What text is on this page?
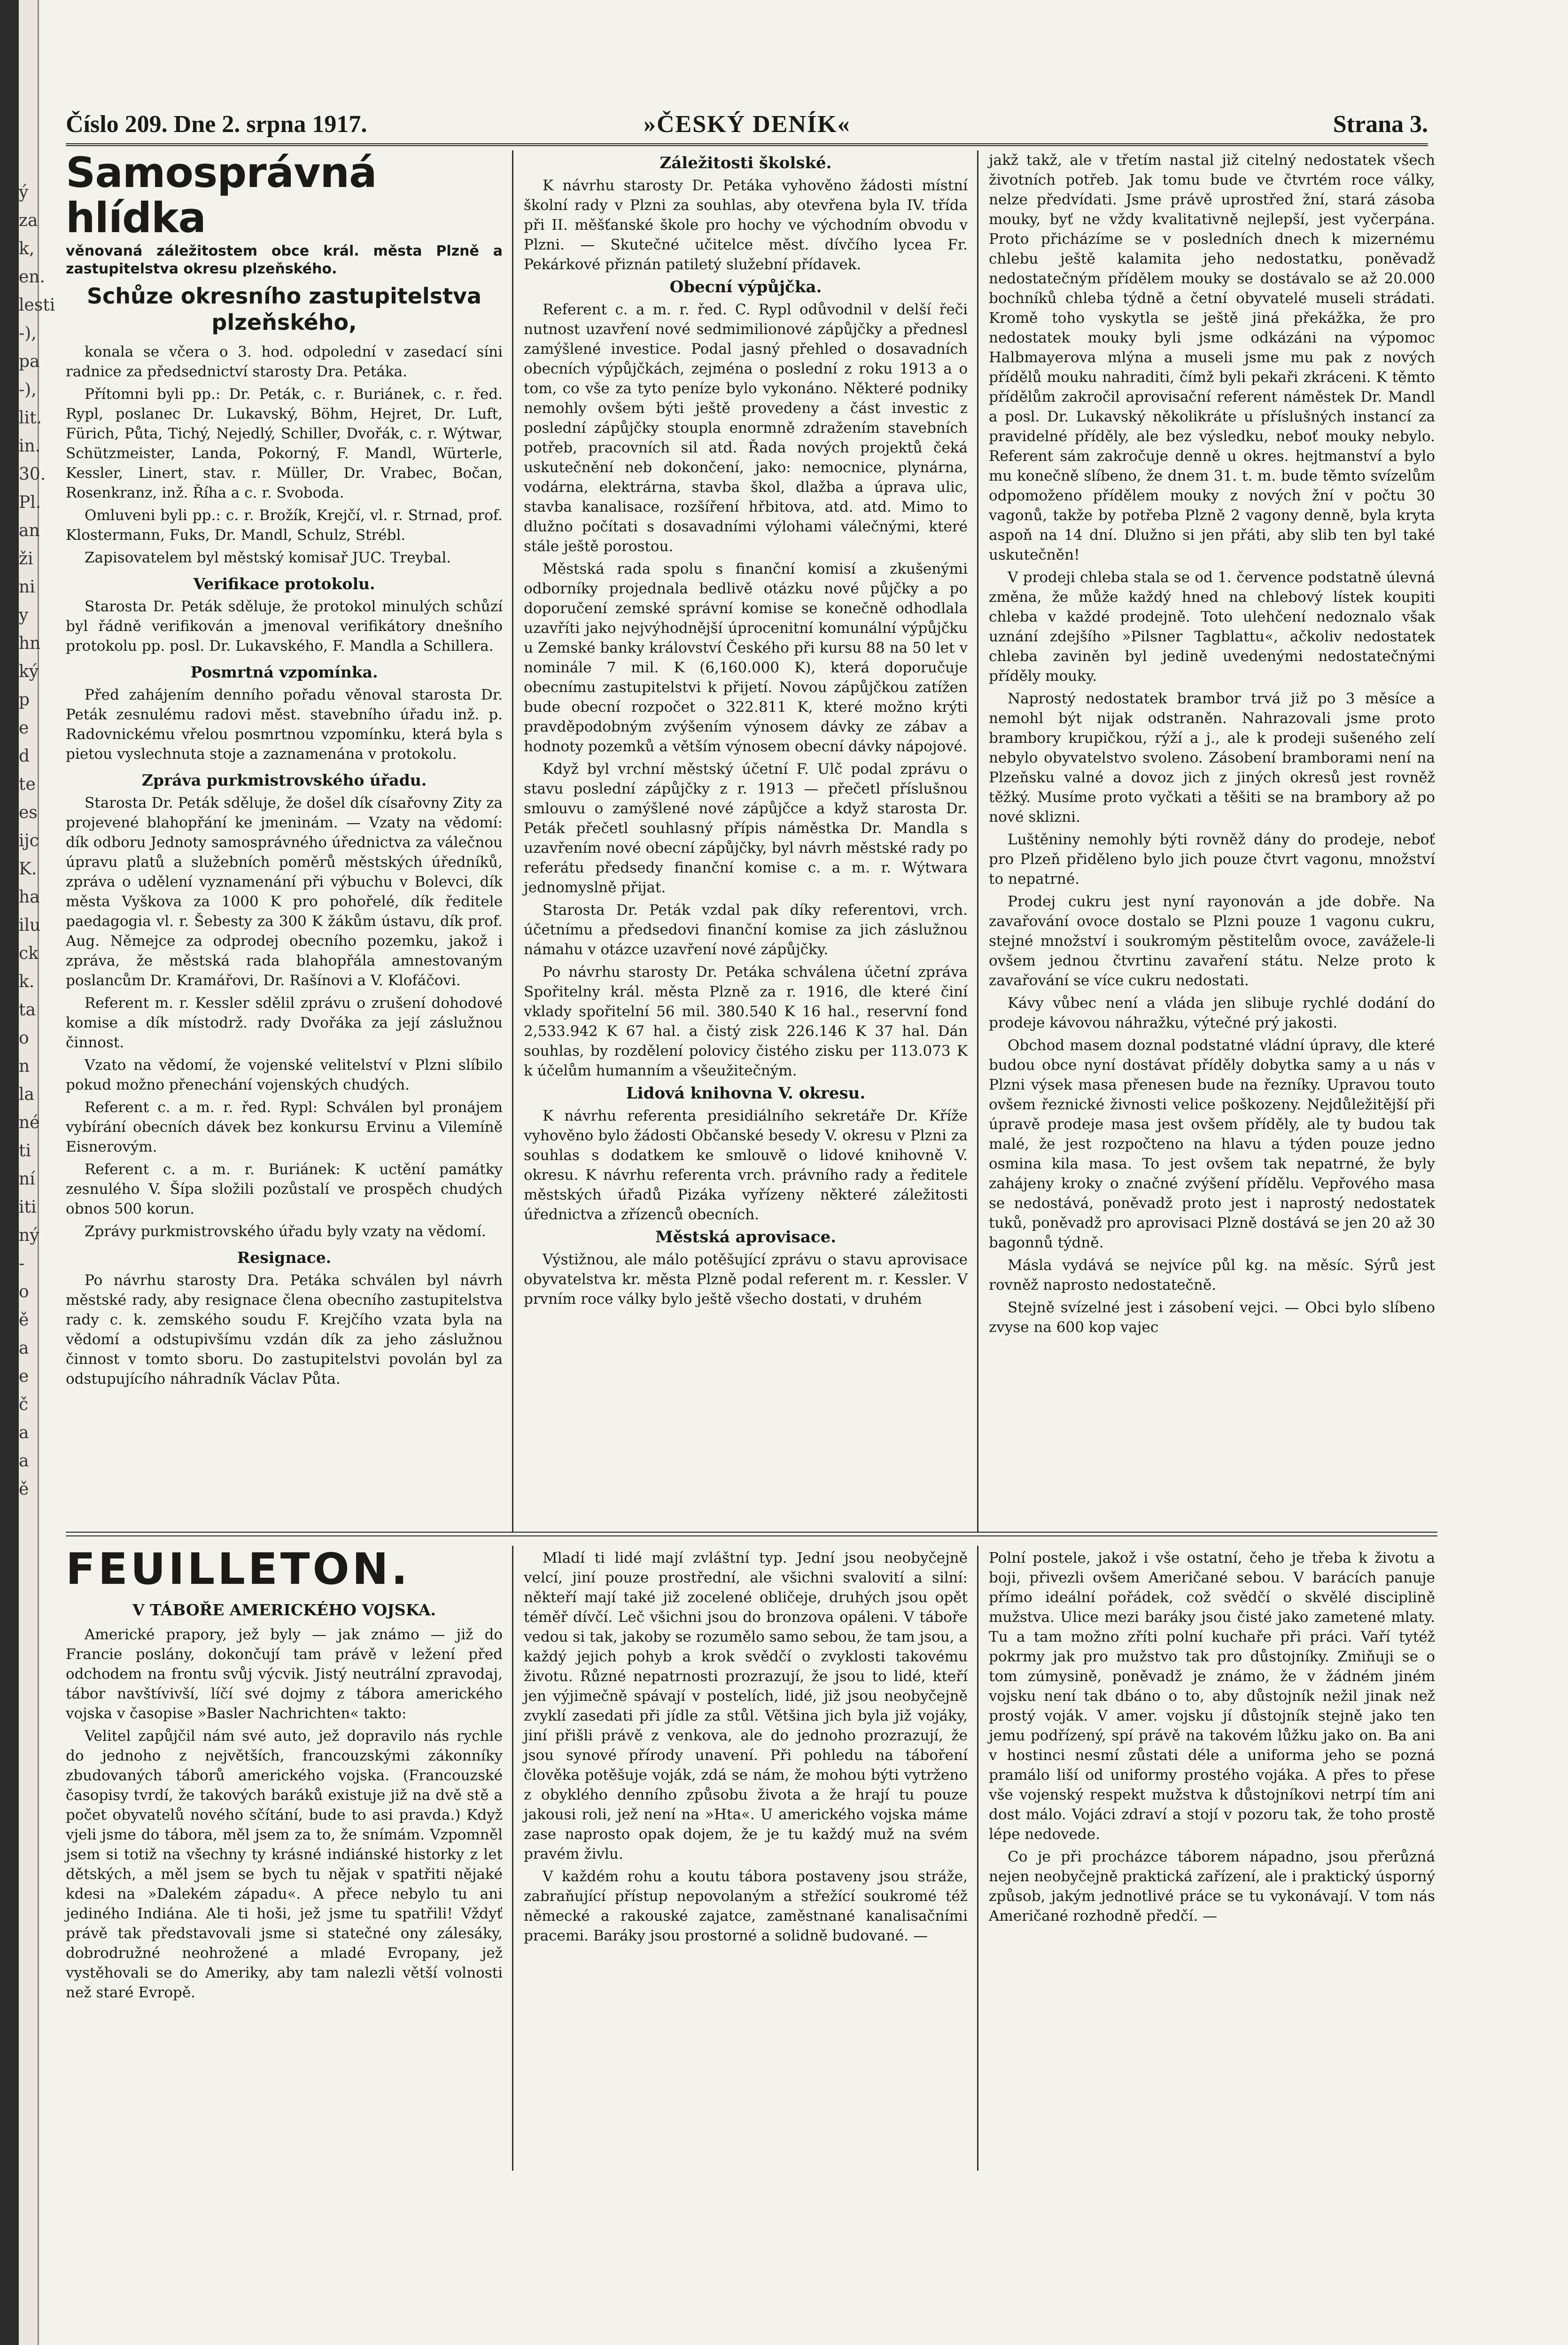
ý
za
k,
en.
lesti
-),
pa
-),
lit.
in.
30.
Pl.
an
ži
ni
y
hn
ký
p
e
d
te
es
ijc
K.
ha
ilu
ck
k.
ta
o
n
la
né
ti
ní
iti
ný
-
o
ě
a
e
č
a
a
ě
Číslo 209. Dne 2. srpna 1917.	»ČESKÝ DENÍK«	Strana 3.
Samosprávná hlídka
věnovaná záležitostem obce král. města Plzně a zastupitelstva okresu plzeňského.
Schůze okresního zastupitelstva plzeňského,

konala se včera o 3. hod. odpolední v zasedací síni radnice za předsednictví starosty Dra. Petáka.

Přítomni byli pp.: Dr. Peták, c. r. Buriánek, c. r. řed. Rypl, poslanec Dr. Lukavský, Böhm, Hejret, Dr. Luft, Fürich, Půta, Tichý, Nejedlý, Schiller, Dvořák, c. r. Wýtwar, Schützmeister, Landa, Pokorný, F. Mandl, Würterle, Kessler, Linert, stav. r. Müller, Dr. Vrabec, Bočan, Rosenkranz, inž. Říha a c. r. Svoboda.

Omluveni byli pp.: c. r. Brožík, Krejčí, vl. r. Strnad, prof. Klostermann, Fuks, Dr. Mandl, Schulz, Strébl.

Zapisovatelem byl městský komisař JUC. Treybal.

Verifikace protokolu.

Starosta Dr. Peták sděluje, že protokol minulých schůzí byl řádně verifikován a jmenoval verifikátory dnešního protokolu pp. posl. Dr. Lukavského, F. Mandla a Schillera.

Posmrtná vzpomínka.

Před zahájením denního pořadu věnoval starosta Dr. Peták zesnulému radovi měst. stavebního úřadu inž. p. Radovnickému vřelou posmrtnou vzpomínku, která byla s pietou vyslechnuta stoje a zaznamenána v protokolu.

Zpráva purkmistrovského úřadu.

Starosta Dr. Peták sděluje, že došel dík císařovny Zity za projevené blahopřání ke jmeninám. — Vzaty na vědomí: dík odboru Jednoty samosprávného úřednictva za válečnou úpravu platů a služebních poměrů městských úředníků, zpráva o udělení vyznamenání při výbuchu v Bolevci, dík města Vyškova za 1000 K pro pohořelé, dík ředitele paedagogia vl. r. Šebesty za 300 K žákům ústavu, dík prof. Aug. Němejce za odprodej obecního pozemku, jakož i zpráva, že městská rada blahopřála amnestovaným poslancům Dr. Kramářovi, Dr. Rašínovi a V. Klofáčovi.

Referent m. r. Kessler sdělil zprávu o zrušení dohodové komise a dík místodrž. rady Dvořáka za její záslužnou činnost.

Vzato na vědomí, že vojenské velitelství v Plzni slíbilo pokud možno přenechání vojenských chudých.

Referent c. a m. r. řed. Rypl: Schválen byl pronájem vybírání obecních dávek bez konkursu Ervinu a Vilemíně Eisnerovým.

Referent c. a m. r. Buriánek: K uctění památky zesnulého V. Šípa složili pozůstalí ve prospěch chudých obnos 500 korun.

Zprávy purkmistrovského úřadu byly vzaty na vědomí.

Resignace.

Po návrhu starosty Dra. Petáka schválen byl návrh městské rady, aby resignace člena obecního zastupitelstva rady c. k. zemského soudu F. Krejčího vzata byla na vědomí a odstupivšímu vzdán dík za jeho záslužnou činnost v tomto sboru. Do zastupitelstvi povolán byl za odstupujícího náhradník Václav Půta.

Záležitosti školské.

K návrhu starosty Dr. Petáka vyhověno žádosti místní školní rady v Plzni za souhlas, aby otevřena byla IV. třída při II. měšťanské škole pro hochy ve východním obvodu v Plzni. — Skutečné učitelce měst. dívčího lycea Fr. Pekárkové přiznán patiletý služební přídavek.

Obecní výpůjčka.

Referent c. a m. r. řed. C. Rypl odůvodnil v delší řeči nutnost uzavření nové sedmimilionové zápůjčky a přednesl zamýšlené investice. Podal jasný přehled o dosavadních obecních výpůjčkách, zejména o poslední z roku 1913 a o tom, co vše za tyto peníze bylo vykonáno. Některé podniky nemohly ovšem býti ještě provedeny a část investic z poslední zápůjčky stoupla enormně zdražením stavebních potřeb, pracovních sil atd. Řada nových projektů čeká uskutečnění neb dokončení, jako: nemocnice, plynárna, vodárna, elektrárna, stavba škol, dlažba a úprava ulic, stavba kanalisace, rozšíření hřbitova, atd. atd. Mimo to dlužno počítati s dosavadními výlohami válečnými, které stále ještě porostou.

Městská rada spolu s finanční komisí a zkušenými odborníky projednala bedlivě otázku nové půjčky a po doporučení zemské správní komise se konečně odhodlala uzavříti jako nejvýhodnější úprocenitní komunální výpůjčku u Zemské banky království Českého při kursu 88 na 50 let v nominále 7 mil. K (6,160.000 K), která doporučuje obecnímu zastupitelstvi k přijetí. Novou zápůjčkou zatížen bude obecní rozpočet o 322.811 K, které možno krýti pravděpodobným zvýšením výnosem dávky ze zábav a hodnoty pozemků a větším výnosem obecní dávky nápojové.

Když byl vrchní městský účetní F. Ulč podal zprávu o stavu poslední zápůjčky z r. 1913 — přečetl příslušnou smlouvu o zamýšlené nové zápůjčce a když starosta Dr. Peták přečetl souhlasný přípis náměstka Dr. Mandla s uzavřením nové obecní zápůjčky, byl návrh městské rady po referátu předsedy finanční komise c. a m. r. Wýtwara jednomyslně přijat.

Starosta Dr. Peták vzdal pak díky referentovi, vrch. účetnímu a předsedovi finanční komise za jich záslužnou námahu v otázce uzavření nové zápůjčky.

Po návrhu starosty Dr. Petáka schválena účetní zpráva Spořitelny král. města Plzně za r. 1916, dle které činí vklady spořitelní 56 mil. 380.540 K 16 hal., reservní fond 2,533.942 K 67 hal. a čistý zisk 226.146 K 37 hal. Dán souhlas, by rozdělení polovicy čistého zisku per 113.073 K k účelům humanním a všeužitečným.

Lidová knihovna V. okresu.

K návrhu referenta presidiálního sekretáře Dr. Kříže vyhověno bylo žádosti Občanské besedy V. okresu v Plzni za souhlas s dodatkem ke smlouvě o lidové knihovně V. okresu. K návrhu referenta vrch. právního rady a ředitele městských úřadů Pizáka vyřízeny některé záležitosti úřednictva a zřízenců obecních.

Městská aprovisace.

Výstižnou, ale málo potěšující zprávu o stavu aprovisace obyvatelstva kr. města Plzně podal referent m. r. Kessler. V prvním roce války bylo ještě všecho dostati, v druhém

jakž takž, ale v třetím nastal již citelný nedostatek všech životních potřeb. Jak tomu bude ve čtvrtém roce války, nelze předvídati. Jsme právě uprostřed žní, stará zásoba mouky, byť ne vždy kvalitativně nejlepší, jest vyčerpána. Proto přicházíme se v posledních dnech k mizernému chlebu ještě kalamita jeho nedostatku, poněvadž nedostatečným přídělem mouky se dostávalo se až 20.000 bochníků chleba týdně a četní obyvatelé museli strádati. Kromě toho vyskytla se ještě jiná překážka, že pro nedostatek mouky byli jsme odkázáni na výpomoc Halbmayerova mlýna a museli jsme mu pak z nových přídělů mouku nahraditi, čímž byli pekaři zkráceni. K těmto přídělům zakročil aprovisační referent náměstek Dr. Mandl a posl. Dr. Lukavský několikráte u příslušných instancí za pravidelné příděly, ale bez výsledku, neboť mouky nebylo. Referent sám zakročuje denně u okres. hejtmanství a bylo mu konečně slíbeno, že dnem 31. t. m. bude těmto svízelům odpomoženo přídělem mouky z nových žní v počtu 30 vagonů, takže by potřeba Plzně 2 vagony denně, byla kryta aspoň na 14 dní. Dlužno si jen přáti, aby slib ten byl také uskutečněn!

V prodeji chleba stala se od 1. července podstatně úlevná změna, že může každý hned na chlebový lístek koupiti chleba v každé prodejně. Toto ulehčení nedoznalo však uznání zdejšího »Pilsner Tagblattu«, ačkoliv nedostatek chleba zaviněn byl jedině uvedenými nedostatečnými příděly mouky.

Naprostý nedostatek brambor trvá již po 3 měsíce a nemohl být nijak odstraněn. Nahrazovali jsme proto brambory krupičkou, rýží a j., ale k prodeji sušeného zelí nebylo obyvatelstvo svoleno. Zásobení bramborami není na Plzeňsku valné a dovoz jich z jiných okresů jest rovněž těžký. Musíme proto vyčkati a těšiti se na brambory až po nové sklizni.

Luštěniny nemohly býti rovněž dány do prodeje, neboť pro Plzeň přiděleno bylo jich pouze čtvrt vagonu, množství to nepatrné.

Prodej cukru jest nyní rayonován a jde dobře. Na zavařování ovoce dostalo se Plzni pouze 1 vagonu cukru, stejné množství i soukromým pěstitelům ovoce, zavážele-li ovšem jednou čtvrtinu zavaření státu. Nelze proto k zavařování se více cukru nedostati.

Kávy vůbec není a vláda jen slibuje rychlé dodání do prodeje kávovou náhražku, výtečné prý jakosti.

Obchod masem doznal podstatné vládní úpravy, dle které budou obce nyní dostávat příděly dobytka samy a u nás v Plzni výsek masa přenesen bude na řezníky. Upravou touto ovšem řeznické živnosti velice poškozeny. Nejdůležitější při úpravě prodeje masa jest ovšem příděly, ale ty budou tak malé, že jest rozpočteno na hlavu a týden pouze jedno osmina kila masa. To jest ovšem tak nepatrné, že byly zahájeny kroky o značné zvýšení přídělu. Vepřového masa se nedostává, poněvadž proto jest i naprostý nedostatek tuků, poněvadž pro aprovisaci Plzně dostává se jen 20 až 30 bagonnů týdně.

Másla vydává se nejvíce půl kg. na měsíc. Sýrů jest rovněž naprosto nedostatečně.

Stejně svízelné jest i zásobení vejci. — Obci bylo slíbeno zvyse na 600 kop vajec

FEUILLETON.
V TÁBOŘE AMERICKÉHO VOJSKA.

Americké prapory, jež byly — jak známo — již do Francie poslány, dokončují tam právě v ležení před odchodem na frontu svůj výcvik. Jistý neutrální zpravodaj, tábor navštívivší, líčí své dojmy z tábora amerického vojska v časopise »Basler Nachrichten« takto:

Velitel zapůjčil nám své auto, jež dopravilo nás rychle do jednoho z největších, francouzskými zákonníky zbudovaných táborů amerického vojska. (Francouzské časopisy tvrdí, že takových baráků existuje již na dvě stě a počet obyvatelů nového sčítání, bude to asi pravda.) Když vjeli jsme do tábora, měl jsem za to, že snímám. Vzpomněl jsem si totiž na všechny ty krásné indiánské historky z let dětských, a měl jsem se bych tu nějak v spatřiti nějaké kdesi na »Dalekém západu«. A přece nebylo tu ani jediného Indiána. Ale ti hoši, jež jsme tu spatřili! Vždyť právě tak představovali jsme si statečné ony zálesáky, dobrodružné neohrožené a mladé Evropany, jež vystěhovali se do Ameriky, aby tam nalezli větší volnosti než staré Evropě.

Mladí ti lidé mají zvláštní typ. Jední jsou neobyčejně velcí, jiní pouze prostřední, ale všichni svalovití a silní: někteří mají také již zocelené obličeje, druhých jsou opět téměř dívčí. Leč všichni jsou do bronzova opáleni. V táboře vedou si tak, jakoby se rozumělo samo sebou, že tam jsou, a každý jejich pohyb a krok svědčí o zvyklosti takovému životu. Různé nepatrnosti prozrazují, že jsou to lidé, kteří jen výjimečně spávají v postelích, lidé, již jsou neobyčejně zvyklí zasedati při jídle za stůl. Většina jich byla již vojáky, jiní přišli právě z venkova, ale do jednoho prozrazují, že jsou synové přírody unavení. Při pohledu na táboření člověka potěšuje voják, zdá se nám, že mohou býti vytrženo z obyklého denního způsobu života a že hrají tu pouze jakousi roli, jež není na »Hta«. U amerického vojska máme zase naprosto opak dojem, že je tu každý muž na svém pravém živlu.

V každém rohu a koutu tábora postaveny jsou stráže, zabraňující přístup nepovolaným a střežící soukromé též německé a rakouské zajatce, zaměstnané kanalisačními pracemi. Baráky jsou prostorné a solidně budované. —

Polní postele, jakož i vše ostatní, čeho je třeba k životu a boji, přivezli ovšem Američané sebou. V barácích panuje přímo ideální pořádek, což svědčí o skvělé disciplině mužstva. Ulice mezi baráky jsou čisté jako zametené mlaty. Tu a tam možno zříti polní kuchaře při práci. Vaří tytéž pokrmy jak pro mužstvo tak pro důstojníky. Zmiňuji se o tom zúmysině, poněvadž je známo, že v žádném jiném vojsku není tak dbáno o to, aby důstojník nežil jinak než prostý voják. V amer. vojsku jí důstojník stejně jako ten jemu podřízený, spí právě na takovém lůžku jako on. Ba ani v hostinci nesmí zůstati déle a uniforma jeho se pozná pramálo liší od uniformy prostého vojáka. A přes to přese vše vojenský respekt mužstva k důstojníkovi netrpí tím ani dost málo. Vojáci zdraví a stojí v pozoru tak, že toho prostě lépe nedovede.

Co je při procházce táborem nápadno, jsou přerůzná nejen neobyčejně praktická zařízení, ale i praktický úsporný způsob, jakým jednotlivé práce se tu vykonávají. V tom nás Američané rozhodně předčí. —
